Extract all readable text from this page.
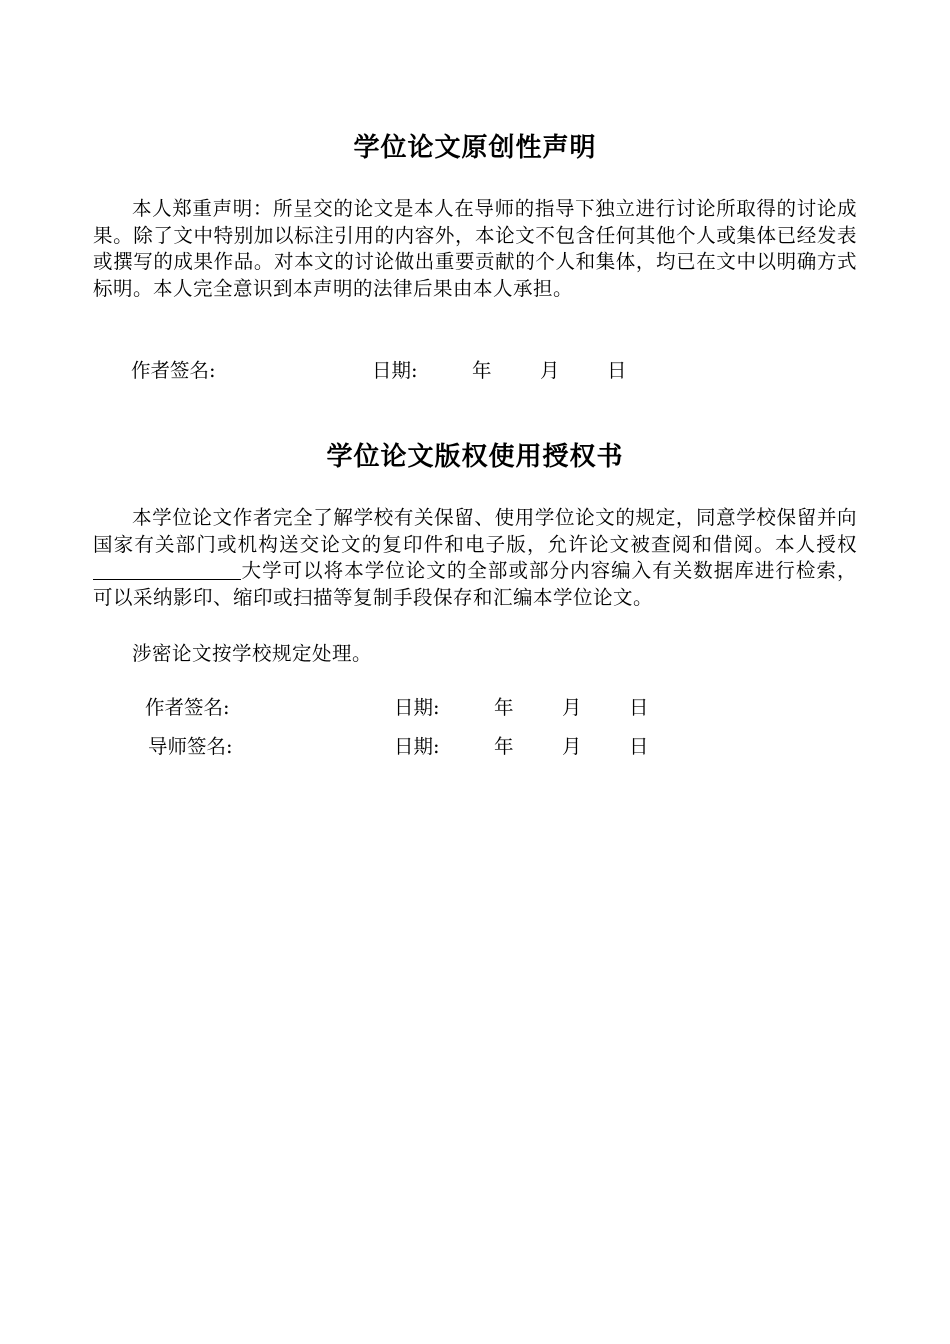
学位论文原创性声明

本人郑重声明：所呈交的论文是本人在导师的指导下独立进行讨论所取得的讨论成果。除了文中特别加以标注引用的内容外，本论文不包含任何其他个人或集体已经发表或撰写的成果作品。对本文的讨论做出重要贡献的个人和集体，均已在文中以明确方式标明。本人完全意识到本声明的法律后果由本人承担。

作者签名:	日期:	年 月 日
学位论文版权使用授权书

本学位论文作者完全了解学校有关保留、使用学位论文的规定，同意学校保留并向国家有关部门或机构送交论文的复印件和电子版，允许论文被查阅和借阅。本人授权大学可以将本学位论文的全部或部分内容编入有关数据库进行检索，可以采纳影印、缩印或扫描等复制手段保存和汇编本学位论文。

涉密论文按学校规定处理。

作者签名:	日期:	年 月 日
导师签名:	日期:	年 月 日
